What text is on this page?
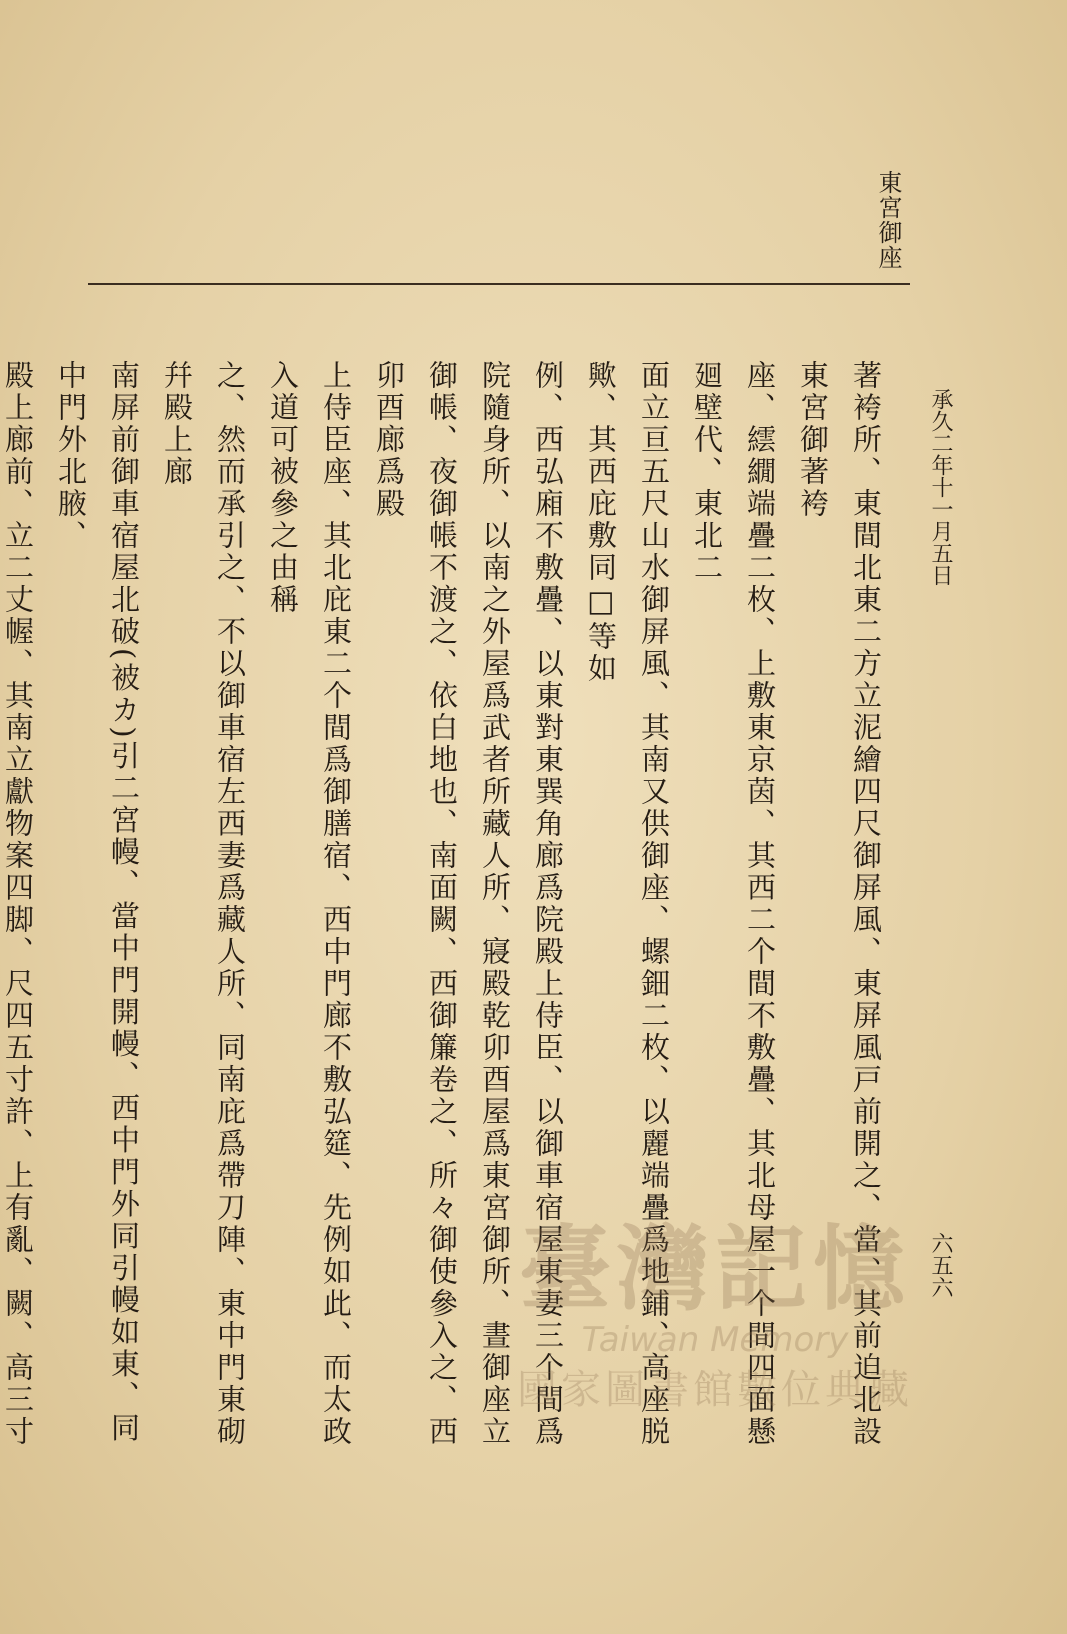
東宮御座
承久二年十一月五日
六五六
著袴所、東間北東二方立泥繪四尺御屏風、東屏風戸前開之、當、其前迫北設東宮御著袴
座、繧繝端疊二枚、上敷東京茵、其西二个間不敷疊、其北母屋一个間四面懸廻壁代、東北二
面立亘五尺山水御屏風、其南又供御座、螺鈿二枚、以麗端疊爲地鋪、高座脱歟、其西庇敷同□等如
例、西弘廂不敷疊、以東對東巽角廊爲院殿上侍臣、以御車宿屋東妻三个間爲
院隨身所、以南之外屋爲武者所藏人所、寢殿乾卯酉屋爲東宮御所、晝御座立
御帳、夜御帳不渡之、依白地也、南面闕、西御簾卷之、所々御使參入之、西卯酉廊爲殿
上侍臣座、其北庇東二个間爲御膳宿、西中門廊不敷弘筵、先例如此、而太政入道可被參之由稱
之、然而承引之、不以御車宿左西妻爲藏人所、同南庇爲帶刀陣、東中門東砌幷殿上廊
南屏前御車宿屋北破(被カ)引二宮幔、當中門開幔、西中門外同引幔如東、同中門外北腋、
殿上廊前、立二丈幄、其南立獻物案四脚、尺四五寸許、上有亂、闕、高三寸
臺灣記憶
Taiwan Memory
國家圖書館數位典藏
